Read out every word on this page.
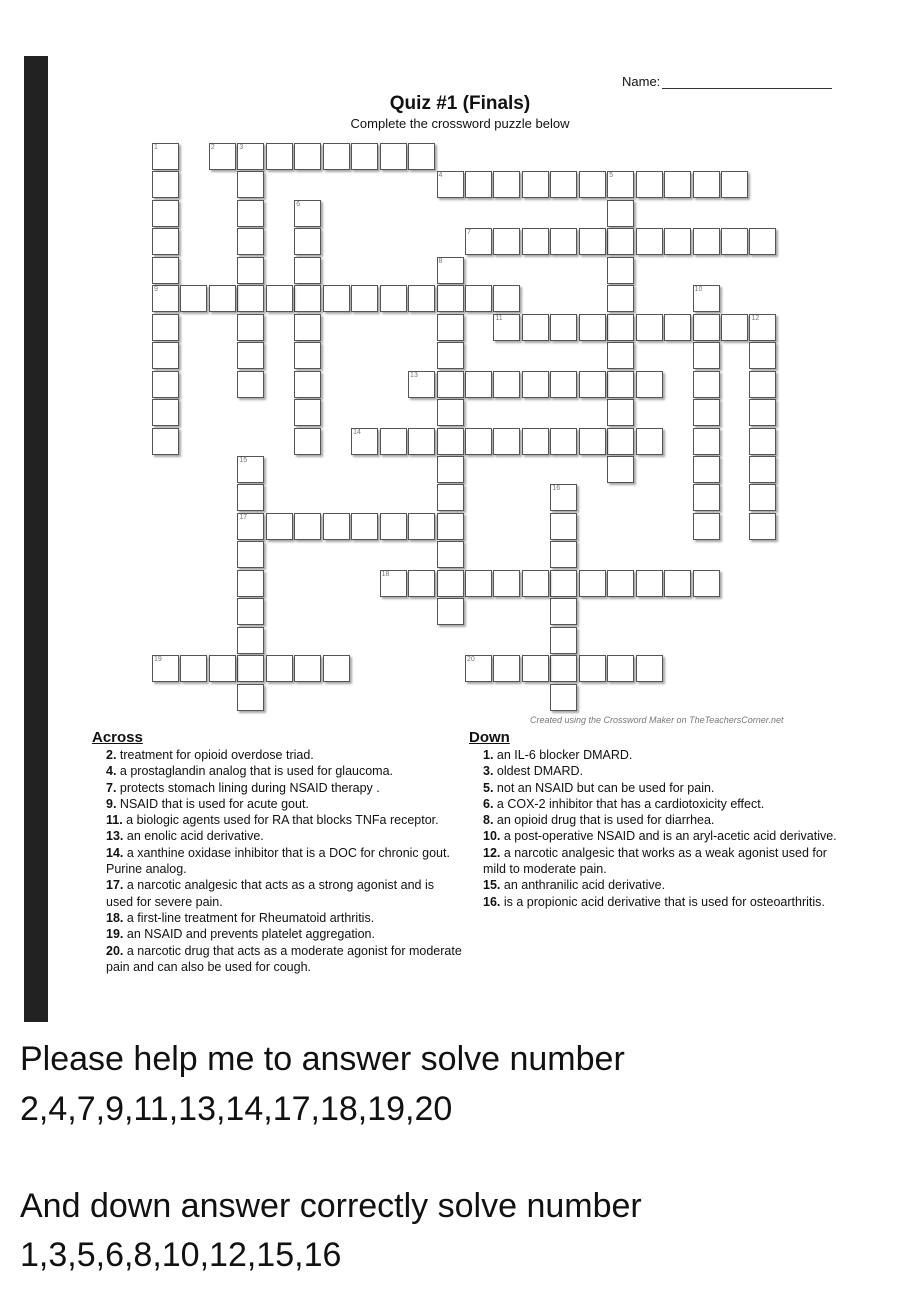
Name:
Quiz #1 (Finals)
Complete the crossword puzzle below
1
9
2	3
4	5
6
7
8
10
11	12
13
14
15
17
16
18
19	20
Created using the Crossword Maker on TheTeachersCorner.net
Across
2. treatment for opioid overdose triad.
4. a prostaglandin analog that is used for glaucoma.
7. protects stomach lining during NSAID therapy .
9. NSAID that is used for acute gout.
11. a biologic agents used for RA that blocks TNFa receptor.
13. an enolic acid derivative.
14. a xanthine oxidase inhibitor that is a DOC for chronic gout. Purine analog.
17. a narcotic analgesic that acts as a strong agonist and is used for severe pain.
18. a first-line treatment for Rheumatoid arthritis.
19. an NSAID and prevents platelet aggregation.
20. a narcotic drug that acts as a moderate agonist for moderate pain and can also be used for cough.
Down
1. an IL-6 blocker DMARD.
3. oldest DMARD.
5. not an NSAID but can be used for pain.
6. a COX-2 inhibitor that has a cardiotoxicity effect.
8. an opioid drug that is used for diarrhea.
10. a post-operative NSAID and is an aryl-acetic acid derivative.
12. a narcotic analgesic that works as a weak agonist used for mild to moderate pain.
15. an anthranilic acid derivative.
16. is a propionic acid derivative that is used for osteoarthritis.
Please help me to answer solve number
2,4,7,9,11,13,14,17,18,19,20
And down answer correctly solve number
1,3,5,6,8,10,12,15,16
